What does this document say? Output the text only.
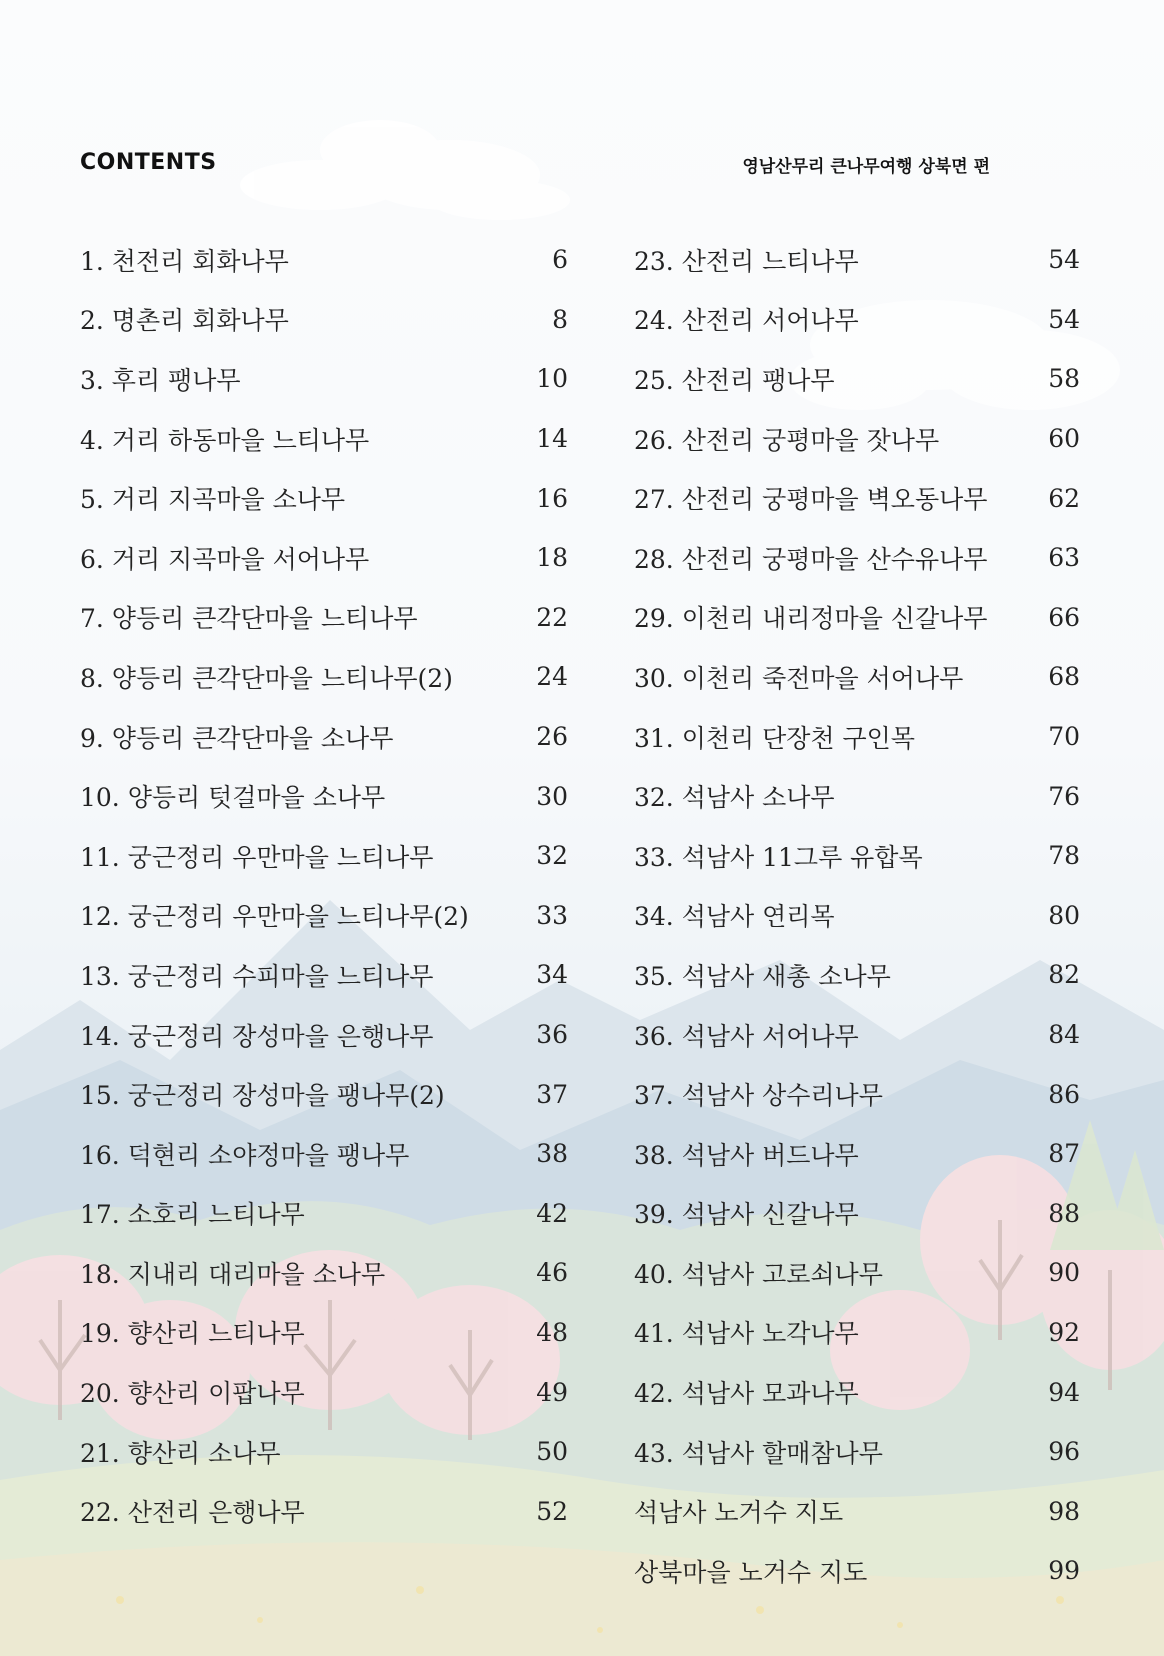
CONTENTS	영남산무리 큰나무여행 상북면 편
1. 천전리 회화나무	6
2. 명촌리 회화나무	8
3. 후리 팽나무	10
4. 거리 하동마을 느티나무	14
5. 거리 지곡마을 소나무	16
6. 거리 지곡마을 서어나무	18
7. 양등리 큰각단마을 느티나무	22
8. 양등리 큰각단마을 느티나무(2)	24
9. 양등리 큰각단마을 소나무	26
10. 양등리 텃걸마을 소나무	30
11. 궁근정리 우만마을 느티나무	32
12. 궁근정리 우만마을 느티나무(2)	33
13. 궁근정리 수피마을 느티나무	34
14. 궁근정리 장성마을 은행나무	36
15. 궁근정리 장성마을 팽나무(2)	37
16. 덕현리 소야정마을 팽나무	38
17. 소호리 느티나무	42
18. 지내리 대리마을 소나무	46
19. 향산리 느티나무	48
20. 향산리 이팝나무	49
21. 향산리 소나무	50
22. 산전리 은행나무	52
23. 산전리 느티나무	54
24. 산전리 서어나무	54
25. 산전리 팽나무	58
26. 산전리 궁평마을 잣나무	60
27. 산전리 궁평마을 벽오동나무	62
28. 산전리 궁평마을 산수유나무	63
29. 이천리 내리정마을 신갈나무	66
30. 이천리 죽전마을 서어나무	68
31. 이천리 단장천 구인목	70
32. 석남사 소나무	76
33. 석남사 11그루 유합목	78
34. 석남사 연리목	80
35. 석남사 새총 소나무	82
36. 석남사 서어나무	84
37. 석남사 상수리나무	86
38. 석남사 버드나무	87
39. 석남사 신갈나무	88
40. 석남사 고로쇠나무	90
41. 석남사 노각나무	92
42. 석남사 모과나무	94
43. 석남사 할매참나무	96
석남사 노거수 지도	98
상북마을 노거수 지도	99
